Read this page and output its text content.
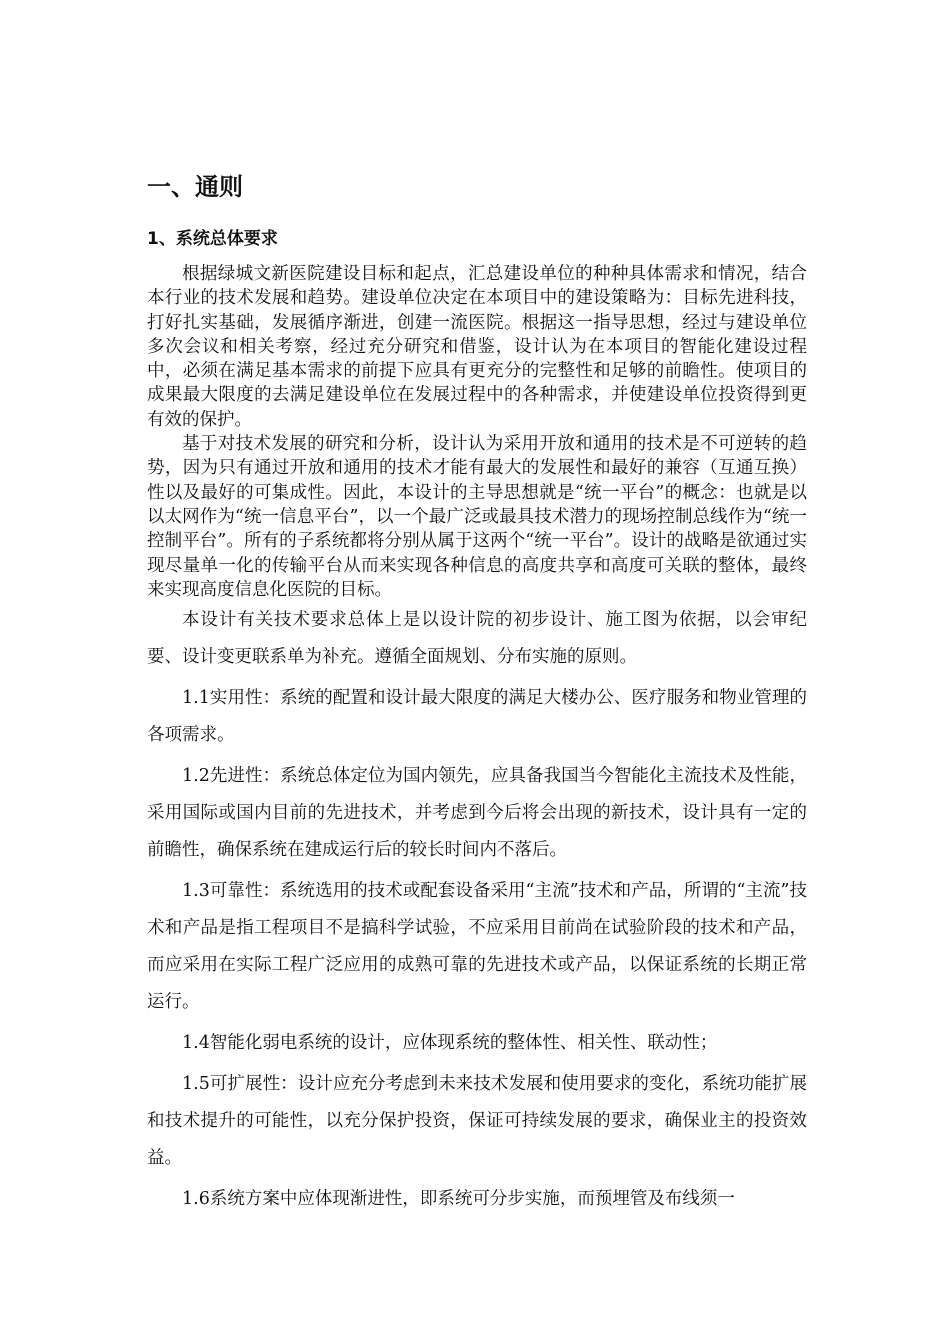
一、通则
1、系统总体要求

根据绿城文新医院建设目标和起点，汇总建设单位的种种具体需求和情况，结合本行业的技术发展和趋势。建设单位决定在本项目中的建设策略为：目标先进科技，打好扎实基础，发展循序渐进，创建一流医院。根据这一指导思想，经过与建设单位多次会议和相关考察，经过充分研究和借鉴，设计认为在本项目的智能化建设过程中，必须在满足基本需求的前提下应具有更充分的完整性和足够的前瞻性。使项目的成果最大限度的去满足建设单位在发展过程中的各种需求，并使建设单位投资得到更有效的保护。

基于对技术发展的研究和分析，设计认为采用开放和通用的技术是不可逆转的趋势，因为只有通过开放和通用的技术才能有最大的发展性和最好的兼容（互通互换）性以及最好的可集成性。因此，本设计的主导思想就是“统一平台”的概念：也就是以以太网作为“统一信息平台”，以一个最广泛或最具技术潜力的现场控制总线作为“统一控制平台”。所有的子系统都将分别从属于这两个“统一平台”。设计的战略是欲通过实现尽量单一化的传输平台从而来实现各种信息的高度共享和高度可关联的整体，最终来实现高度信息化医院的目标。

本设计有关技术要求总体上是以设计院的初步设计、施工图为依据，以会审纪要、设计变更联系单为补充。遵循全面规划、分布实施的原则。

1.1实用性：系统的配置和设计最大限度的满足大楼办公、医疗服务和物业管理的各项需求。

1.2先进性：系统总体定位为国内领先，应具备我国当今智能化主流技术及性能，采用国际或国内目前的先进技术，并考虑到今后将会出现的新技术，设计具有一定的前瞻性，确保系统在建成运行后的较长时间内不落后。

1.3可靠性：系统选用的技术或配套设备采用“主流”技术和产品，所谓的“主流”技术和产品是指工程项目不是搞科学试验，不应采用目前尚在试验阶段的技术和产品，而应采用在实际工程广泛应用的成熟可靠的先进技术或产品，以保证系统的长期正常运行。

1.4智能化弱电系统的设计，应体现系统的整体性、相关性、联动性；

1.5可扩展性：设计应充分考虑到未来技术发展和使用要求的变化，系统功能扩展和技术提升的可能性，以充分保护投资，保证可持续发展的要求，确保业主的投资效益。

1.6系统方案中应体现渐进性，即系统可分步实施，而预埋管及布线须一
